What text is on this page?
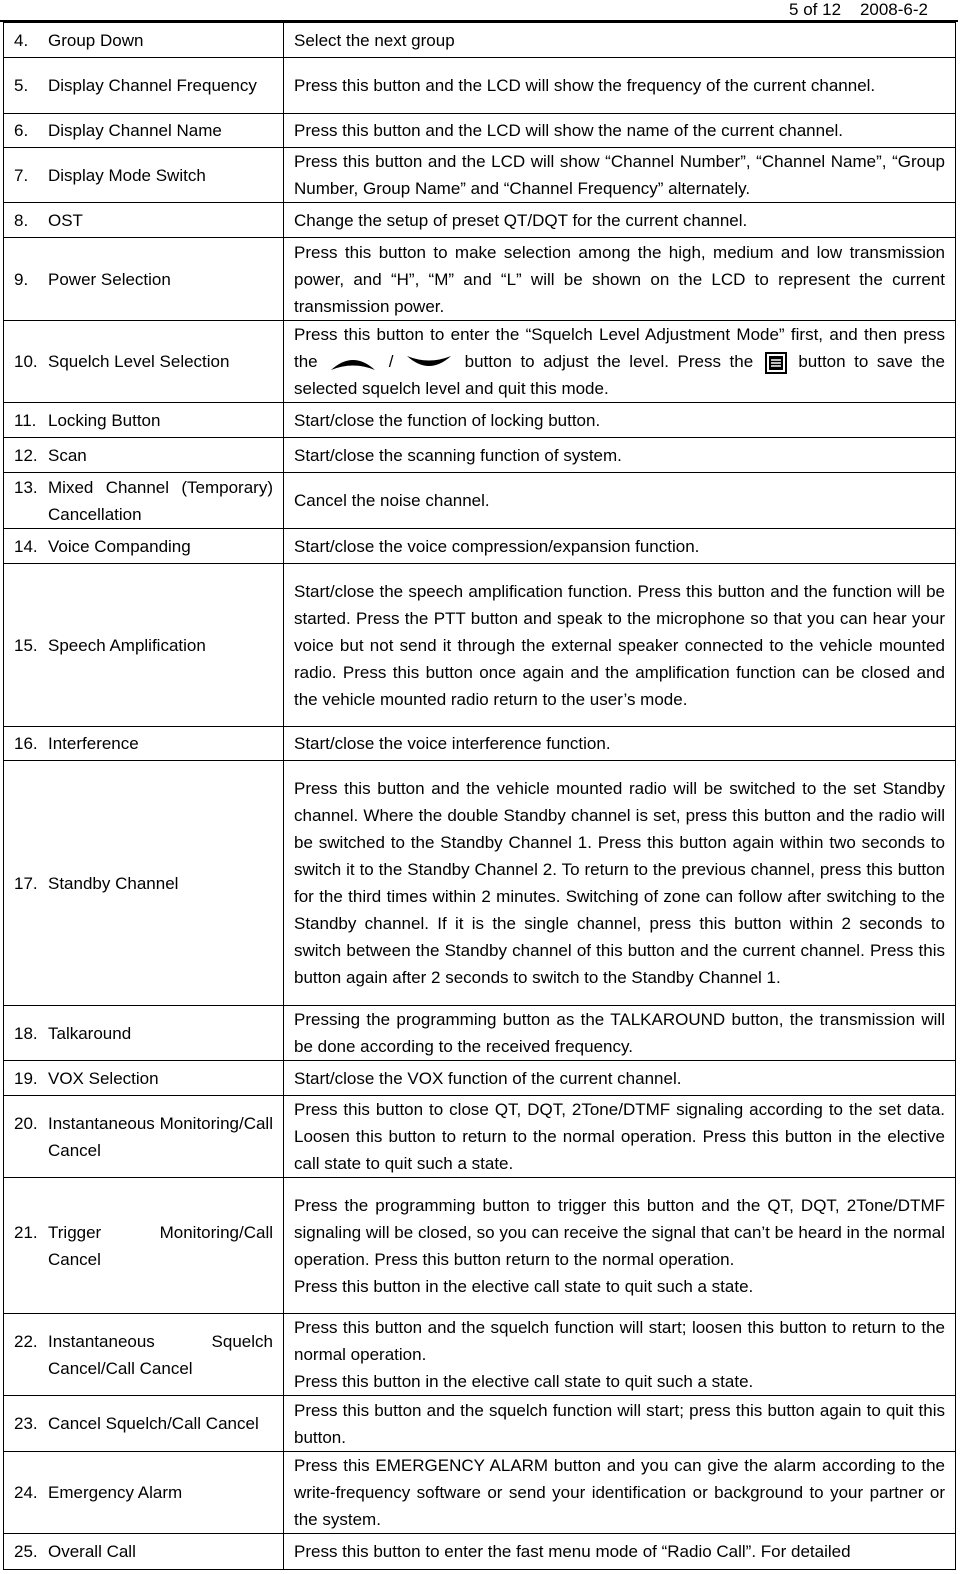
5 of 12 2008-6-2
4. Group Down	Select the next group

5. Display Channel Frequency	Press this button and the LCD will show the frequency of the current channel.

6. Display Channel Name	Press this button and the LCD will show the name of the current channel.

7. Display Mode Switch	Press this button and the LCD will show “Channel Number”, “Channel Name”, “Group Number, Group Name” and “Channel Frequency” alternately.

8. OST	Change the setup of preset QT/DQT for the current channel.

9. Power Selection	Press this button to make selection among the high, medium and low transmission power, and “H”, “M” and “L” will be shown on the LCD to represent the current transmission power.

10. Squelch Level Selection	Press this button to enter the “Squelch Level Adjustment Mode” first, and then press the / button to adjust the level. Press the button to save the selected squelch level and quit this mode.

11. Locking Button	Start/close the function of locking button.

12. Scan	Start/close the scanning function of system.

13. Mixed Channel (Temporary) Cancellation	Cancel the noise channel.

14. Voice Companding	Start/close the voice compression/expansion function.

15. Speech Amplification	Start/close the speech amplification function. Press this button and the function will be started. Press the PTT button and speak to the microphone so that you can hear your voice but not send it through the external speaker connected to the vehicle mounted radio. Press this button once again and the amplification function can be closed and the vehicle mounted radio return to the user’s mode.

16. Interference	Start/close the voice interference function.

17. Standby Channel	Press this button and the vehicle mounted radio will be switched to the set Standby channel. Where the double Standby channel is set, press this button and the radio will be switched to the Standby Channel 1. Press this button again within two seconds to switch it to the Standby Channel 2. To return to the previous channel, press this button for the third times within 2 minutes. Switching of zone can follow after switching to the Standby channel. If it is the single channel, press this button within 2 seconds to switch between the Standby channel of this button and the current channel. Press this button again after 2 seconds to switch to the Standby Channel 1.

18. Talkaround	Pressing the programming button as the TALKAROUND button, the transmission will be done according to the received frequency.

19. VOX Selection	Start/close the VOX function of the current channel.

20. Instantaneous Monitoring/Call Cancel	Press this button to close QT, DQT, 2Tone/DTMF signaling according to the set data. Loosen this button to return to the normal operation. Press this button in the elective call state to quit such a state.

21. Trigger Monitoring/Call Cancel	Press the programming button to trigger this button and the QT, DQT, 2Tone/DTMF signaling will be closed, so you can receive the signal that can’t be heard in the normal operation. Press this button return to the normal operation.
Press this button in the elective call state to quit such a state.

22. Instantaneous Squelch Cancel/Call Cancel	Press this button and the squelch function will start; loosen this button to return to the normal operation.
Press this button in the elective call state to quit such a state.

23. Cancel Squelch/Call Cancel	Press this button and the squelch function will start; press this button again to quit this button.

24. Emergency Alarm	Press this EMERGENCY ALARM button and you can give the alarm according to the write-frequency software or send your identification or background to your partner or the system.

25. Overall Call	Press this button to enter the fast menu mode of “Radio Call”. For detailed
